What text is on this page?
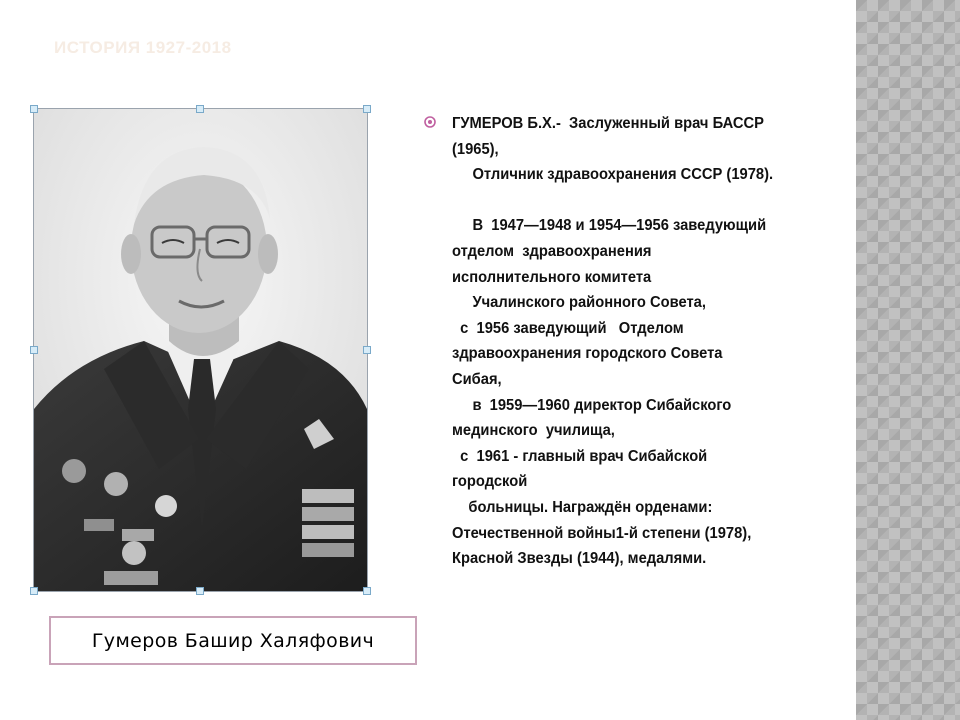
ИСТОРИЯ 1927-2018
Гумеров Башир Халяфович
ГУМЕРОВ Б.Х.-  Заслуженный врач БАССР
(1965),
Отличник здравоохранения СССР (1978).
В  1947—1948 и 1954—1956 заведующий
отделом  здравоохранения
исполнительного комитета
Учалинского районного Совета,
с  1956 заведующий   Отделом
здравоохранения городского Совета
Сибая,
в  1959—1960 директор Сибайского
мединского  училища,
с  1961 - главный врач Сибайской
городской
больницы. Награждён орденами:
Отечественной войны1-й степени (1978),
Красной Звезды (1944), медалями.
